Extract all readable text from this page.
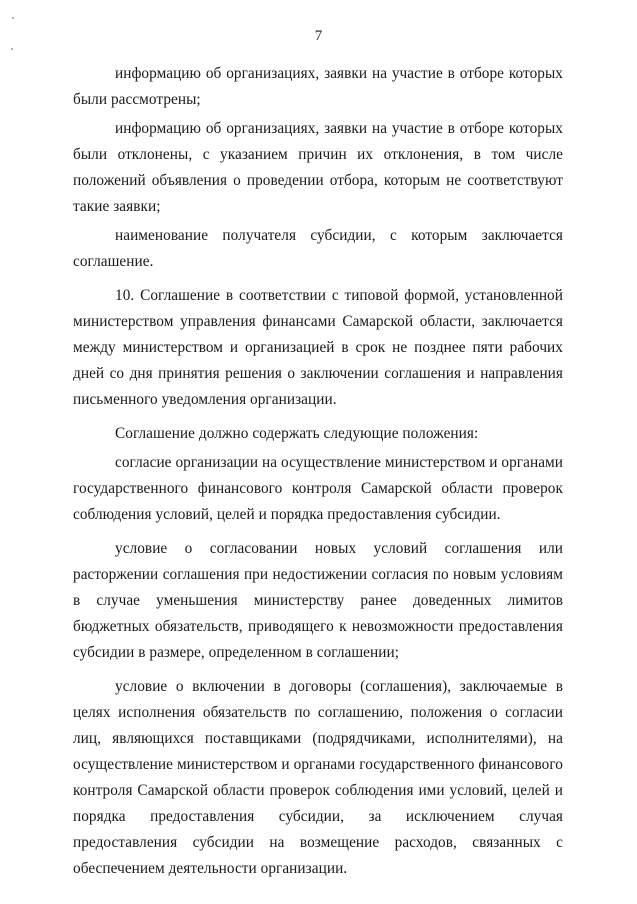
7

информацию об организациях, заявки на участие в отборе которых были рассмотрены;

информацию об организациях, заявки на участие в отборе которых были отклонены, с указанием причин их отклонения, в том числе положений объявления о проведении отбора, которым не соответствуют такие заявки;

наименование получателя субсидии, с которым заключается соглашение.

10. Соглашение в соответствии с типовой формой, установленной министерством управления финансами Самарской области, заключается между министерством и организацией в срок не позднее пяти рабочих дней со дня принятия решения о заключении соглашения и направления письменного уведомления организации.

Соглашение должно содержать следующие положения:

согласие организации на осуществление министерством и органами государственного финансового контроля Самарской области проверок соблюдения условий, целей и порядка предоставления субсидии.

условие о согласовании новых условий соглашения или расторжении соглашения при недостижении согласия по новым условиям в случае уменьшения министерству ранее доведенных лимитов бюджетных обязательств, приводящего к невозможности предоставления субсидии в размере, определенном в соглашении;

условие о включении в договоры (соглашения), заключаемые в целях исполнения обязательств по соглашению, положения о согласии лиц, являющихся поставщиками (подрядчиками, исполнителями), на осуществление министерством и органами государственного финансового контроля Самарской области проверок соблюдения ими условий, целей и порядка предоставления субсидии, за исключением случая предоставления субсидии на возмещение расходов, связанных с обеспечением деятельности организации.
